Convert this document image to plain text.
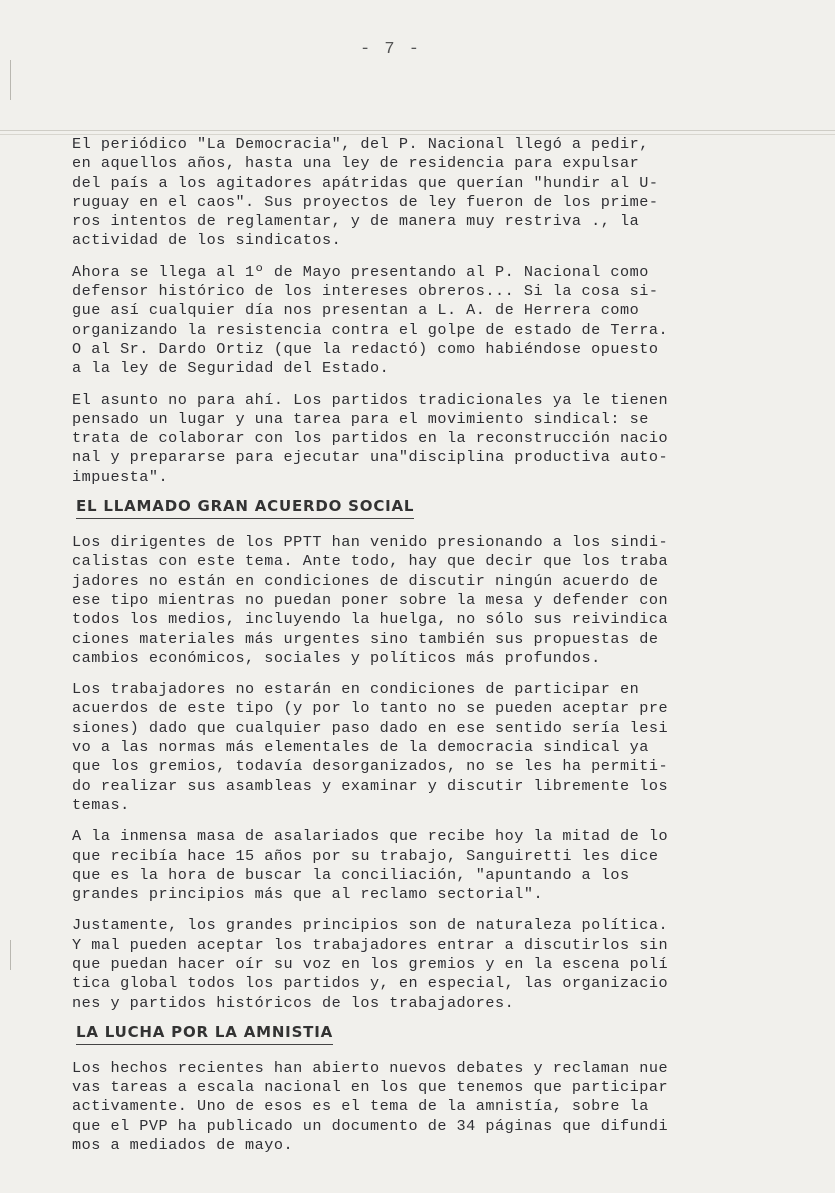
- 7 -

El periódico "La Democracia", del P. Nacional llegó a pedir,
en aquellos años, hasta una ley de residencia para expulsar
del país a los agitadores apátridas que querían "hundir al U-
ruguay en el caos". Sus proyectos de ley fueron de los prime-
ros intentos de reglamentar, y de manera muy restriva ., la
actividad de los sindicatos.

Ahora se llega al 1º de Mayo presentando al P. Nacional como
defensor histórico de los intereses obreros... Si la cosa si-
gue así cualquier día nos presentan a L. A. de Herrera como
organizando la resistencia contra el golpe de estado de Terra.
O al Sr. Dardo Ortiz (que la redactó) como habiéndose opuesto
a la ley de Seguridad del Estado.

El asunto no para ahí. Los partidos tradicionales ya le tienen
pensado un lugar y una tarea para el movimiento sindical: se
trata de colaborar con los partidos en la reconstrucción nacio
nal y prepararse para ejecutar una"disciplina productiva auto-
impuesta".

EL LLAMADO GRAN ACUERDO SOCIAL

Los dirigentes de los PPTT han venido presionando a los sindi-
calistas con este tema. Ante todo, hay que decir que los traba
jadores no están en condiciones de discutir ningún acuerdo de
ese tipo mientras no puedan poner sobre la mesa y defender con
todos los medios, incluyendo la huelga, no sólo sus reivindica
ciones materiales más urgentes sino también sus propuestas de
cambios económicos, sociales y políticos más profundos.

Los trabajadores no estarán en condiciones de participar en
acuerdos de este tipo (y por lo tanto no se pueden aceptar pre
siones) dado que cualquier paso dado en ese sentido sería lesi
vo a las normas más elementales de la democracia sindical ya
que los gremios, todavía desorganizados, no se les ha permiti-
do realizar sus asambleas y examinar y discutir libremente los
temas.

A la inmensa masa de asalariados que recibe hoy la mitad de lo
que recibía hace 15 años por su trabajo, Sanguiretti les dice
que es la hora de buscar la conciliación, "apuntando a los
grandes principios más que al reclamo sectorial".

Justamente, los grandes principios son de naturaleza política.
Y mal pueden aceptar los trabajadores entrar a discutirlos sin
que puedan hacer oír su voz en los gremios y en la escena polí
tica global todos los partidos y, en especial, las organizacio
nes y partidos históricos de los trabajadores.

LA LUCHA POR LA AMNISTIA

Los hechos recientes han abierto nuevos debates y reclaman nue
vas tareas a escala nacional en los que tenemos que participar
activamente. Uno de esos es el tema de la amnistía, sobre la
que el PVP ha publicado un documento de 34 páginas que difundi
mos a mediados de mayo.
